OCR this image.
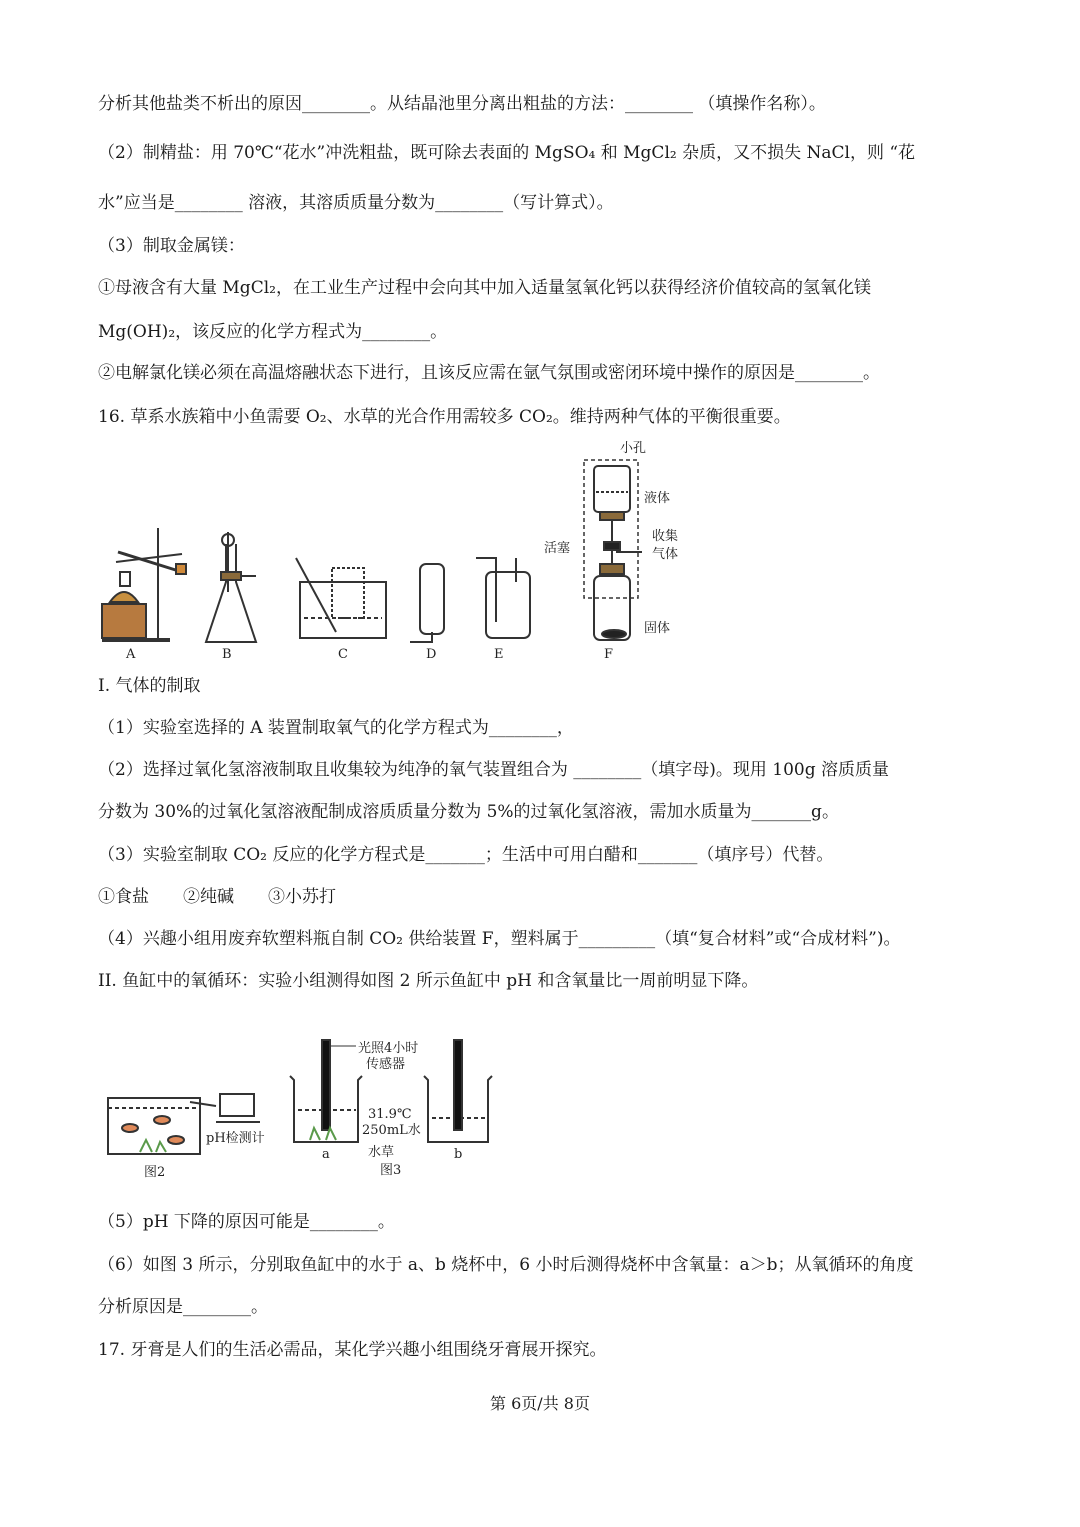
分析其他盐类不析出的原因________。从结晶池里分离出粗盐的方法：________ （填操作名称）。
（2）制精盐：用 70℃“花水”冲洗粗盐，既可除去表面的 MgSO₄ 和 MgCl₂ 杂质，又不损失 NaCl，则 “花
水”应当是________ 溶液，其溶质质量分数为________（写计算式）。
（3）制取金属镁：
①母液含有大量 MgCl₂，在工业生产过程中会向其中加入适量氢氧化钙以获得经济价值较高的氢氧化镁
Mg(OH)₂，该反应的化学方程式为________。
②电解氯化镁必须在高温熔融状态下进行，且该反应需在氩气氛围或密闭环境中操作的原因是________。
16. 草系水族箱中小鱼需要 O₂、水草的光合作用需较多 CO₂。维持两种气体的平衡很重要。
A	B	C	D	E	F
小孔
液体
活塞
收集
气体
固体
I. 气体的制取
（1）实验室选择的 A 装置制取氧气的化学方程式为________，
（2）选择过氧化氢溶液制取且收集较为纯净的氧气装置组合为 ________（填字母)。现用 100g 溶质质量
分数为 30%的过氧化氢溶液配制成溶质质量分数为 5%的过氧化氢溶液，需加水质量为_______g。
（3）实验室制取 CO₂ 反应的化学方程式是_______；生活中可用白醋和_______（填序号）代替。
①食盐　　②纯碱　　③小苏打
（4）兴趣小组用废弃软塑料瓶自制 CO₂ 供给装置 F，塑料属于_________（填“复合材料”或“合成材料”)。
II. 鱼缸中的氧循环：实验小组测得如图 2 所示鱼缸中 pH 和含氧量比一周前明显下降。
图2
pH检测计
光照4小时
传感器
31.9℃
250mL水
水草
a	b
图3
（5）pH 下降的原因可能是________。
（6）如图 3 所示，分别取鱼缸中的水于 a、b 烧杯中，6 小时后测得烧杯中含氧量：a＞b；从氧循环的角度
分析原因是________。
17. 牙膏是人们的生活必需品，某化学兴趣小组围绕牙膏展开探究。
第 6页/共 8页
